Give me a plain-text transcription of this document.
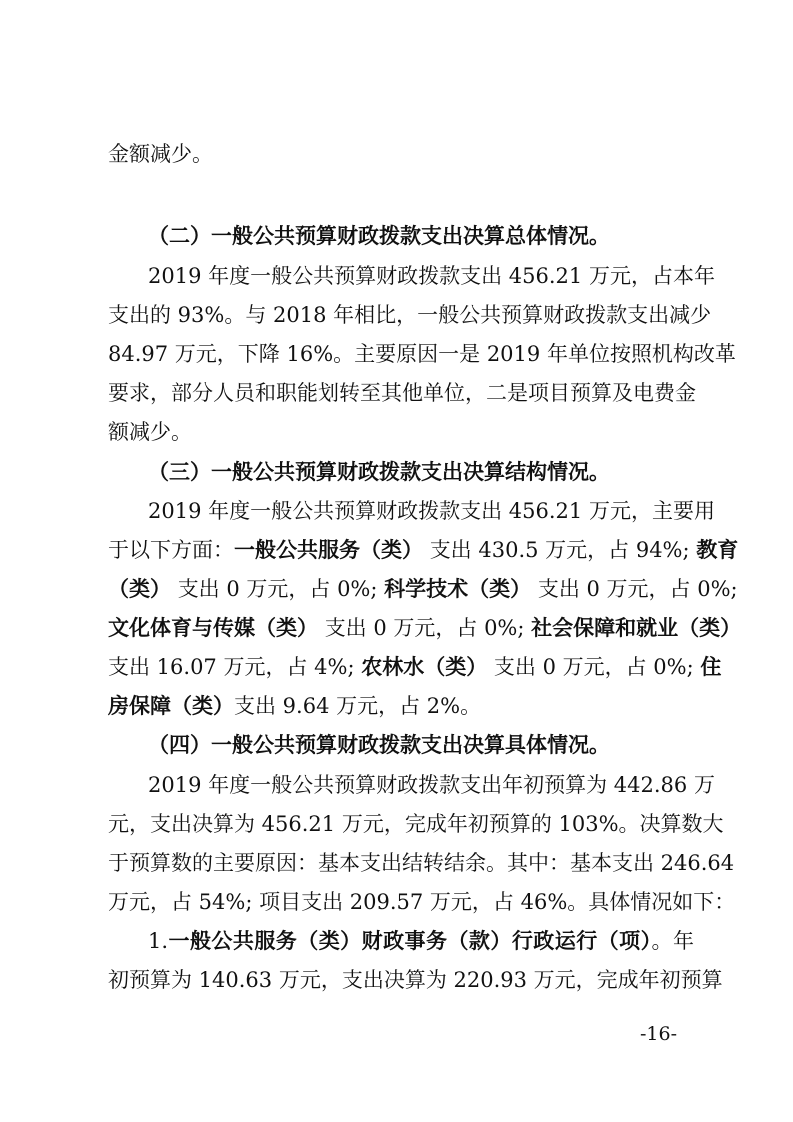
金额减少。
（二）一般公共预算财政拨款支出决算总体情况。
2019 年度一般公共预算财政拨款支出 456.21 万元，占本年
支出的 93%。与 2018 年相比，一般公共预算财政拨款支出减少
84.97 万元，下降 16%。主要原因一是 2019 年单位按照机构改革
要求，部分人员和职能划转至其他单位，二是项目预算及电费金
额减少。
（三）一般公共预算财政拨款支出决算结构情况。
2019 年度一般公共预算财政拨款支出 456.21 万元，主要用
于以下方面：一般公共服务（类） 支出 430.5 万元，占 94%; 教育
（类） 支出 0 万元，占 0%; 科学技术（类） 支出 0 万元，占 0%;
文化体育与传媒（类） 支出 0 万元，占 0%; 社会保障和就业（类）
支出 16.07 万元，占 4%; 农林水（类） 支出 0 万元，占 0%; 住
房保障（类）支出 9.64 万元，占 2%。
（四）一般公共预算财政拨款支出决算具体情况。
2019 年度一般公共预算财政拨款支出年初预算为 442.86 万
元，支出决算为 456.21 万元，完成年初预算的 103%。决算数大
于预算数的主要原因：基本支出结转结余。其中：基本支出 246.64
万元，占 54%; 项目支出 209.57 万元，占 46%。具体情况如下：
1.一般公共服务（类）财政事务（款）行政运行（项）。年
初预算为 140.63 万元，支出决算为 220.93 万元，完成年初预算
-16-
